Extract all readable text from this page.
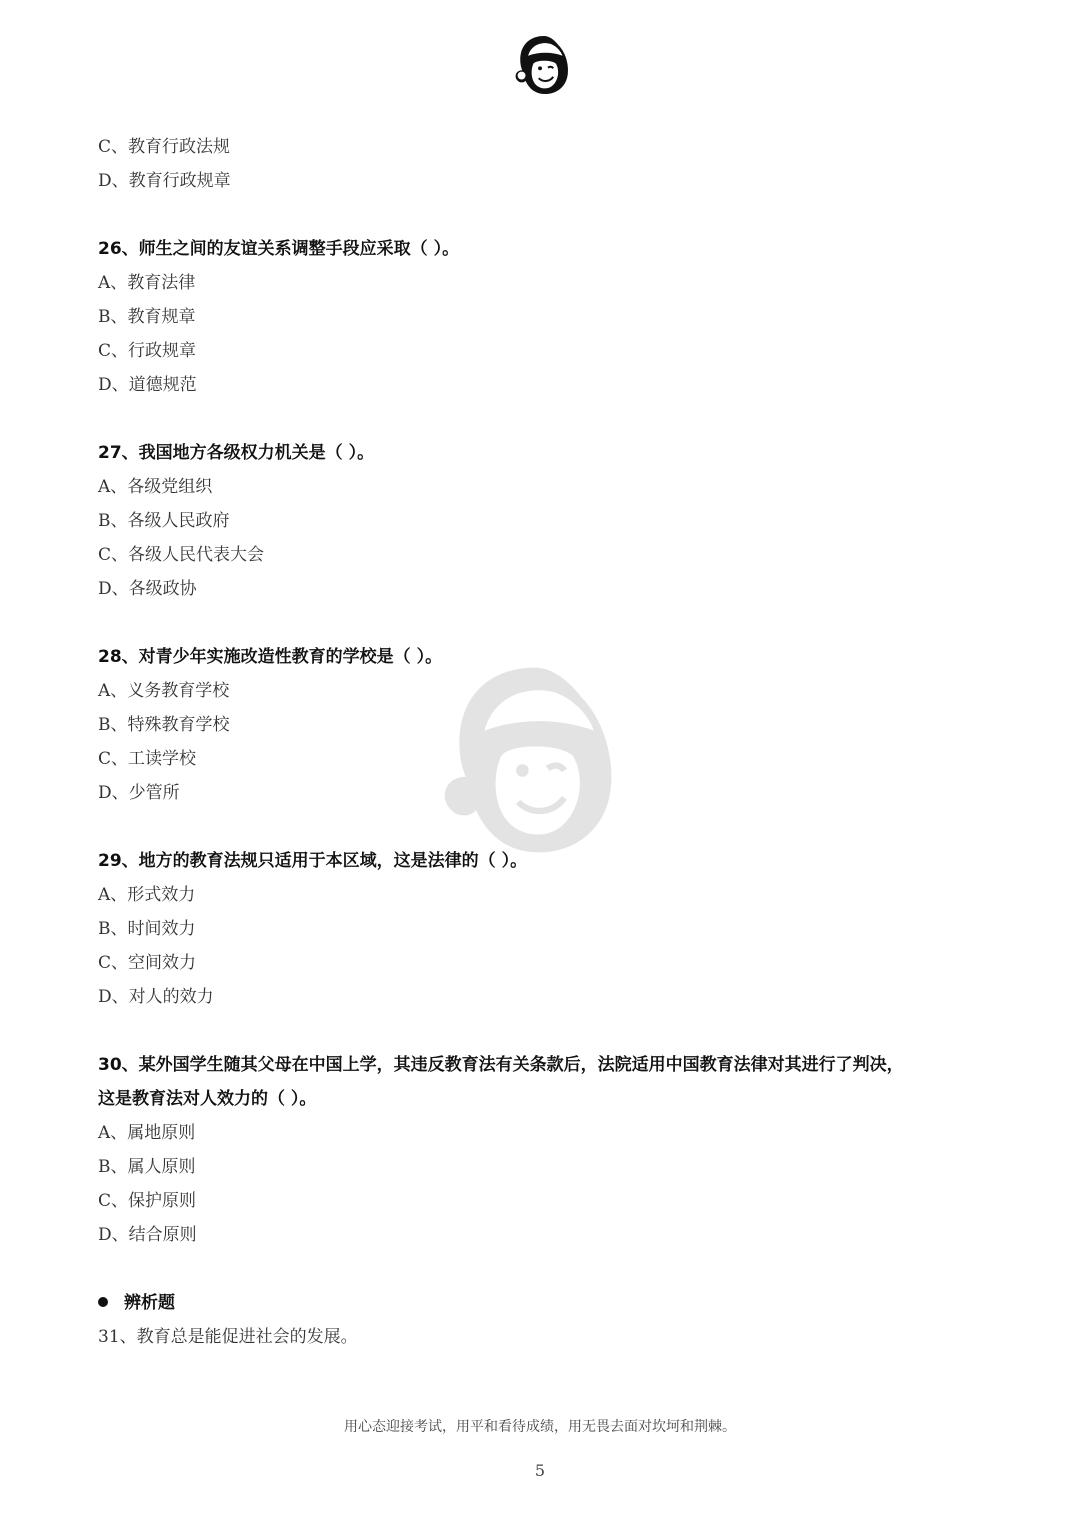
C、教育行政法规
D、教育行政规章
26、师生之间的友谊关系调整手段应采取（ ）。
A、教育法律
B、教育规章
C、行政规章
D、道德规范
27、我国地方各级权力机关是（ ）。
A、各级党组织
B、各级人民政府
C、各级人民代表大会
D、各级政协
28、对青少年实施改造性教育的学校是（ ）。
A、义务教育学校
B、特殊教育学校
C、工读学校
D、少管所
29、地方的教育法规只适用于本区域，这是法律的（ ）。
A、形式效力
B、时间效力
C、空间效力
D、对人的效力
30、某外国学生随其父母在中国上学，其违反教育法有关条款后，法院适用中国教育法律对其进行了判决，
这是教育法对人效力的（ ）。
A、属地原则
B、属人原则
C、保护原则
D、结合原则
辨析题
31、教育总是能促进社会的发展。
用心态迎接考试，用平和看待成绩，用无畏去面对坎坷和荆棘。
5
